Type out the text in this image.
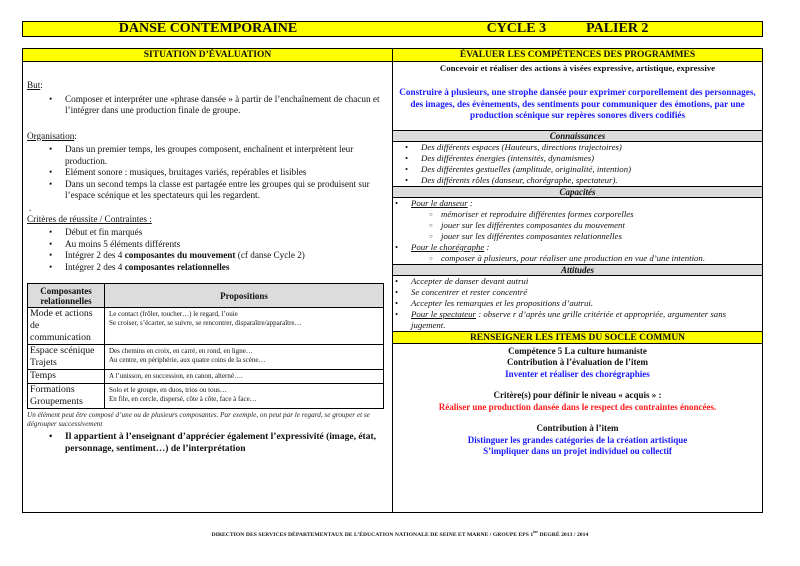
DANSE CONTEMPORAINE	CYCLE 3	PALIER 2
SITUATION D’ÉVALUATION
But:
• Composer et interpréter une «phrase dansée » à partir de l’enchaînement de chacun et l’intégrer dans une production finale de groupe.
Organisation:
• Dans un premier temps, les groupes composent, enchaînent et interprètent leur production.
• Elément sonore : musiques, bruitages variés, repérables et lisibles
• Dans un second temps la classe est partagée entre les groupes qui se produisent sur l’espace scénique et les spectateurs qui les regardent.
.
Critères de réussite / Contraintes :
• Début et fin marqués
• Au moins 5 éléments différents
• Intégrer 2 des 4 composantes du mouvement (cf danse Cycle 2)
• Intégrer 2 des 4 composantes relationnelles
Composantes relationnelles	Propositions
Mode et actions de communication	Le contact (frôler, toucher…) le regard, l’ouie
Se croiser, s’écarter, se suivre, se rencontrer, disparaître/apparaître…

Espace scénique Trajets	Des chemins en croix, en carré, en rond, en ligne…
Au centre, en périphérie, aux quatre coins de la scène…

Temps	A l’unisson, en succession, en canon, alterné….

Formations Groupements	Solo et le groupe, en duos, trios ou tous…
En file, en cercle, dispersé, côte à côte, face à face…
Un élément peut être composé d’une ou de plusieurs composantes. Par exemple, on peut par le regard, se grouper et se dégrouper successivement
• Il appartient à l’enseignant d’apprécier également l’expressivité (image, état, personnage, sentiment…) de l’interprétation
ÉVALUER LES COMPÉTENCES DES PROGRAMMES
Concevoir et réaliser des actions à visées expressive, artistique, expressive
Construire à plusieurs, une strophe dansée pour exprimer corporellement des personnages, des images, des évènements, des sentiments pour communiquer des émotions, par une production scénique sur repères sonores divers codifiés
Connaissances
• Des différents espaces (Hauteurs, directions trajectoires)
• Des différentes énergies (intensités, dynamismes)
• Des différentes gestuelles (amplitude, originalité, intention)
• Des différents rôles (danseur, chorégraphe, spectateur).
Capacités
• Pour le danseur :
○ mémoriser et reproduire différentes formes corporelles
○ jouer sur les différentes composantes du mouvement
○ jouer sur les différentes composantes relationnelles
• Pour le chorégraphe :
○ composer à plusieurs, pour réaliser une production en vue d’une intention.
Attitudes
• Accepter de danser devant autrui
• Se concentrer et rester concentré
• Accepter les remarques et les propositions d’autrui.
• Pour le spectateur : observe r d’après une grille critériée et appropriée, argumenter sans jugement.
RENSEIGNER LES ITEMS DU SOCLE COMMUN
Compétence 5 La culture humaniste
Contribution à l’évaluation de l’item
Inventer et réaliser des chorégraphies
Critère(s) pour définir le niveau « acquis » :
Réaliser une production dansée dans le respect des contraintes énoncées.
Contribution à l’item
Distinguer les grandes catégories de la création artistique
S’impliquer dans un projet individuel ou collectif
DIRECTION DES SERVICES DÉPARTEMENTAUX DE L’ÉDUCATION NATIONALE DE SEINE ET MARNE / GROUPE EPS $1^{ier}$ DEGRÉ 2013 / 2014
